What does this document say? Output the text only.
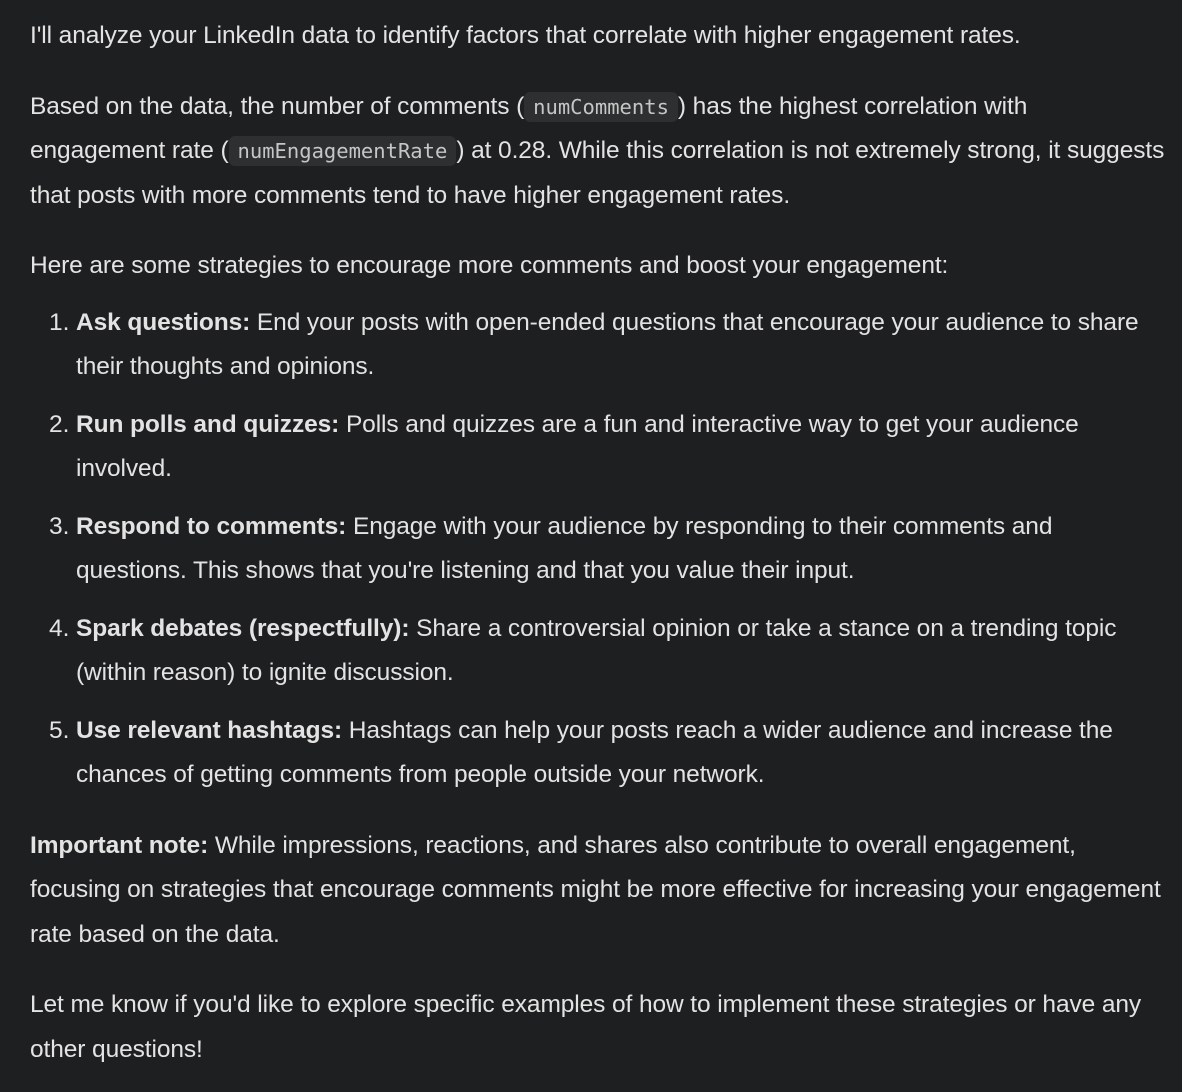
I'll analyze your LinkedIn data to identify factors that correlate with higher engagement rates.

Based on the data, the number of comments ( numComments ) has the highest correlation with engagement rate ( numEngagementRate ) at 0.28. While this correlation is not extremely strong, it suggests that posts with more comments tend to have higher engagement rates.

Here are some strategies to encourage more comments and boost your engagement:

1. Ask questions: End your posts with open-ended questions that encourage your audience to share their thoughts and opinions.
2. Run polls and quizzes: Polls and quizzes are a fun and interactive way to get your audience involved.
3. Respond to comments: Engage with your audience by responding to their comments and questions. This shows that you're listening and that you value their input.
4. Spark debates (respectfully): Share a controversial opinion or take a stance on a trending topic (within reason) to ignite discussion.
5. Use relevant hashtags: Hashtags can help your posts reach a wider audience and increase the chances of getting comments from people outside your network.

Important note: While impressions, reactions, and shares also contribute to overall engagement, focusing on strategies that encourage comments might be more effective for increasing your engagement rate based on the data.

Let me know if you'd like to explore specific examples of how to implement these strategies or have any other questions!
